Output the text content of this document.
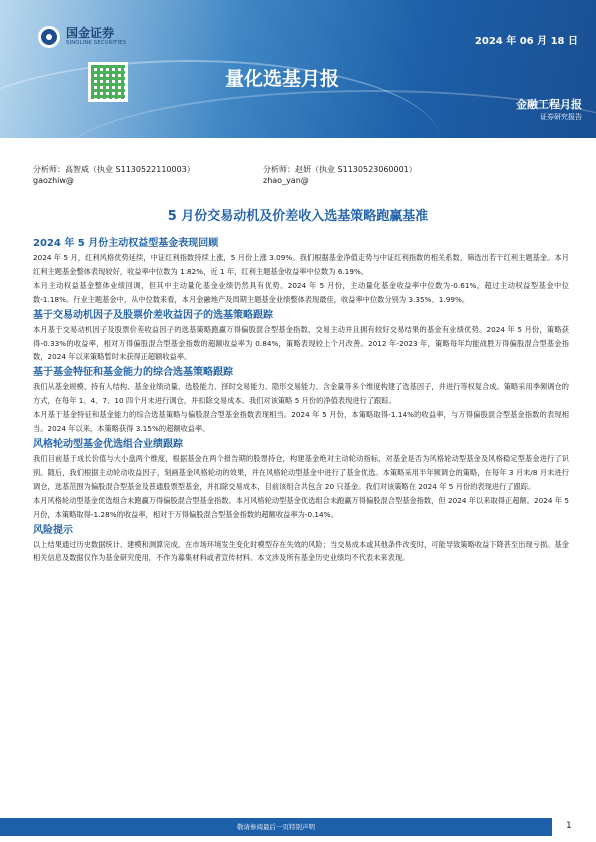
国金证券
SINOLINK SECURITIES
量化选基月报
2024 年 06 月 18 日
金融工程月报
证券研究报告
分析师：高智威（执业 S1130522110003）	分析师：赵妍（执业 S1130523060001）
gaozhiw@	zhao_yan@
5 月份交易动机及价差收入选基策略跑赢基准
2024 年 5 月份主动权益型基金表现回顾

2024 年 5 月，红利风格优势延续，中证红利指数持续上涨，5 月份上涨 3.09%。我们根据基金净值走势与中证红利指数的相关系数，筛选出若干红利主题基金。本月红利主题基金整体表现较好，收益率中位数为 1.82%，近 1 年，红利主题基金收益率中位数为 6.19%。

本月主动权益基金整体业绩回调，但其中主动量化基金业绩仍然具有优势。2024 年 5 月份，主动量化基金收益率中位数为-0.61%，超过主动权益型基金中位数-1.18%。行业主题基金中，从中位数来看，本月金融地产及周期主题基金业绩整体表现最佳，收益率中位数分别为 3.35%、1.99%。

基于交易动机因子及股票价差收益因子的选基策略跟踪

本月基于交易动机因子及股票价差收益因子的选基策略跑赢万得偏股混合型基金指数，交易主动并且拥有较好交易结果的基金有业绩优势。2024 年 5 月份，策略获得-0.33%的收益率，相对万得偏股混合型基金指数的超额收益率为 0.84%，策略表现较上个月改善。2012 年-2023 年，策略每年均能战胜万得偏股混合型基金指数，2024 年以来策略暂时未获得正超额收益率。

基于基金特征和基金能力的综合选基策略跟踪

我们从基金规模、持有人结构、基金业绩动量、选股能力、择时交易能力、隐形交易能力、含金量等多个维度构建了选基因子，并进行等权复合成。策略采用季频调仓的方式，在每年 1、4、7、10 四个月末进行调仓，并扣除交易成本。我们对该策略 5 月份的净值表现进行了跟踪。

本月基于基金特征和基金能力的综合选基策略与偏股混合型基金指数表现相当。2024 年 5 月份，本策略取得-1.14%的收益率，与万得偏股混合型基金指数的表现相当。2024 年以来，本策略获得 3.15%的超额收益率。

风格轮动型基金优选组合业绩跟踪

我们目前基于成长价值与大小盘两个维度，根据基金在两个报告期的股票持仓，构建基金绝对主动轮动指标，对基金是否为风格轮动型基金及风格稳定型基金进行了识别。随后，我们根据主动轮动收益因子，刻画基金风格轮动的效果，并在风格轮动型基金中进行了基金优选。本策略采用半年频调仓的策略，在每年 3 月末/8 月末进行调仓，选基范围为偏股混合型基金及普通股票型基金，并扣除交易成本，目前该组合共包含 20 只基金。我们对该策略在 2024 年 5 月份的表现进行了跟踪。

本月风格轮动型基金优选组合未跑赢万得偏股混合型基金指数。本月风格轮动型基金优选组合未跑赢万得偏股混合型基金指数，但 2024 年以来取得正超额。2024 年 5 月份，本策略取得-1.28%的收益率，相对于万得偏股混合型基金指数的超额收益率为-0.14%。

风险提示

以上结果通过历史数据统计、建模和测算完成，在市场环境发生变化时模型存在失效的风险；当交易成本或其他条件改变时，可能导致策略收益下降甚至出现亏损。基金相关信息及数据仅作为基金研究使用，不作为募集材料或者宣传材料。本文涉及所有基金历史业绩均不代表未来表现。

敬请参阅最后一页特别声明	1
